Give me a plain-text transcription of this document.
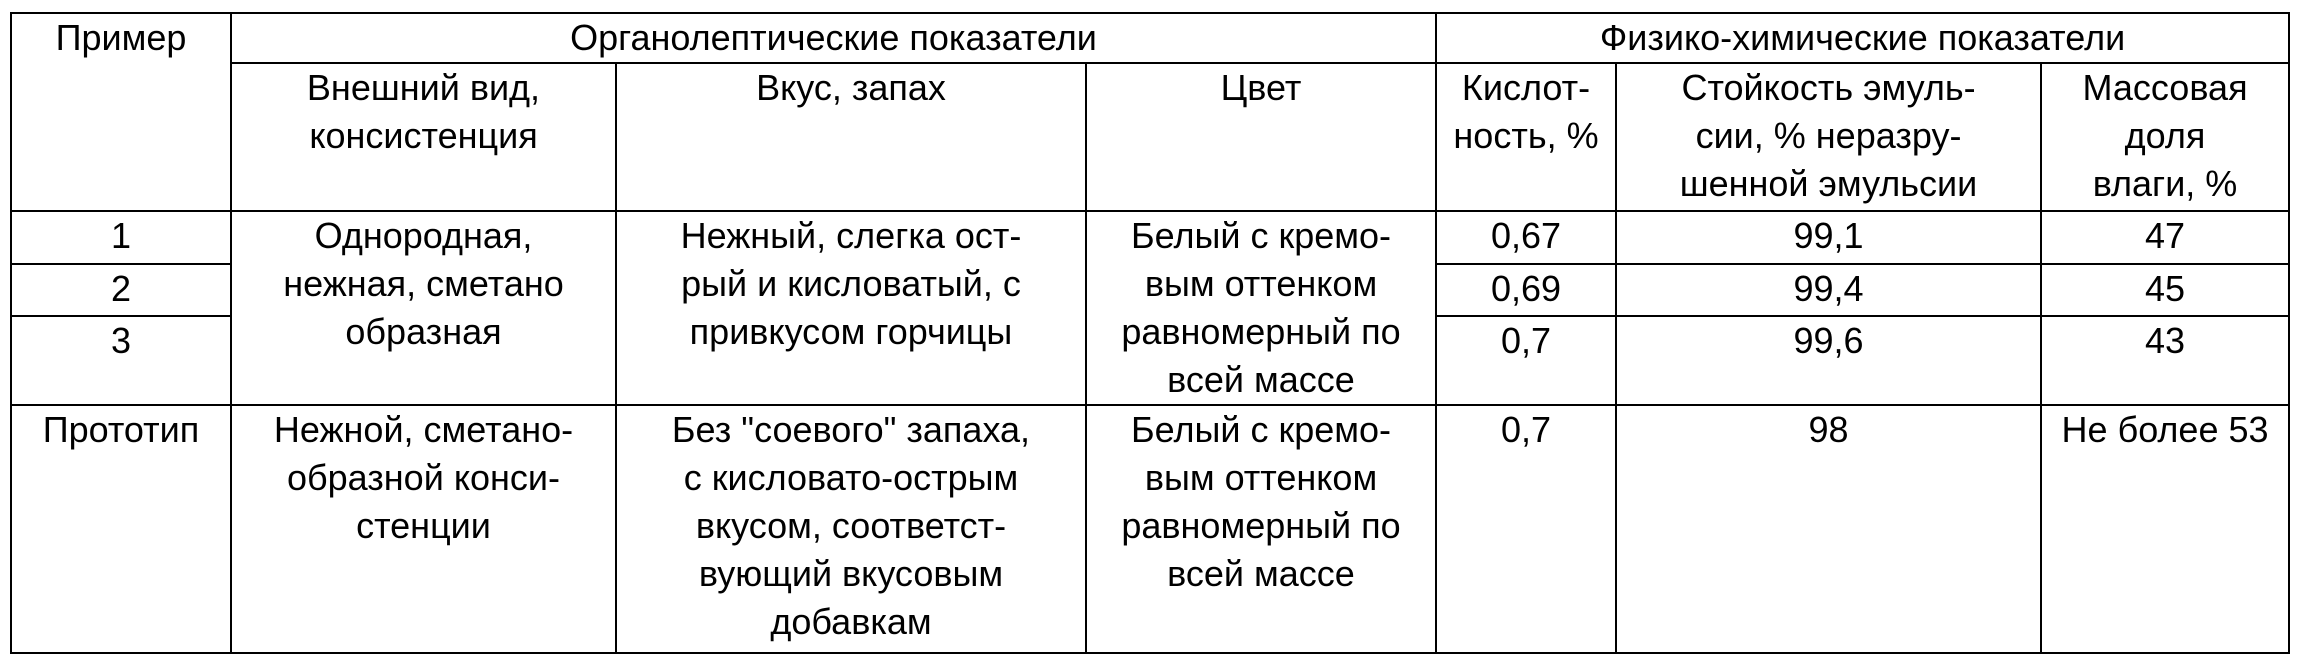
Пример	Органолептические показатели			Физико-химические показатели		
	Внешний вид,
консистенция	Вкус, запах	Цвет	Кислот-
ность, %	Стойкость эмуль-
сии, % неразру-
шенной эмульсии	Массовая
доля
влаги, %
1	Однородная,
нежная, сметано
образная	Нежный, слегка ост-
рый и кисловатый, с
привкусом горчицы	Белый с кремо-
вым оттенком
равномерный по
всей массе	0,67	99,1	47
2				0,69	99,4	45
3				0,7	99,6	43
Прототип	Нежной, сметано-
образной конси-
стенции	Без "соевого" запаха,
с кисловато-острым
вкусом, соответст-
вующий вкусовым
добавкам	Белый с кремо-
вым оттенком
равномерный по
всей массе	0,7	98	Не более 53
